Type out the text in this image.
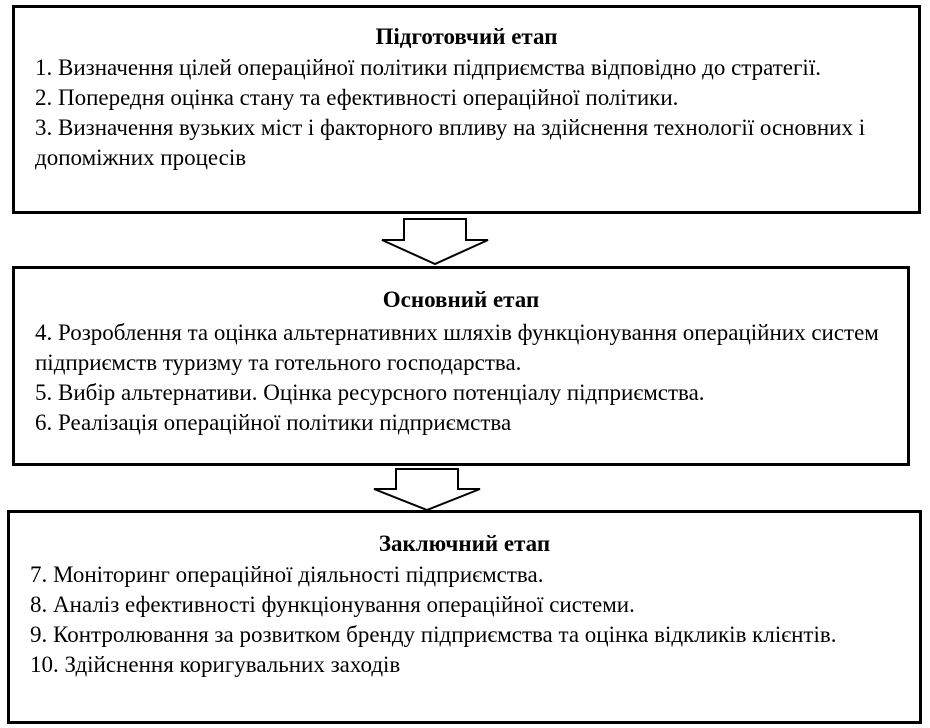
Підготовчий етап

1. Визначення цілей операційної політики підприємства відповідно до стратегії.
2. Попередня оцінка стану та ефективності операційної політики.
3. Визначення вузьких міст і факторного впливу на здійснення технології основних і допоміжних процесів

Основний етап

4. Розроблення та оцінка альтернативних шляхів функціонування операційних систем підприємств туризму та готельного господарства.
5. Вибір альтернативи. Оцінка ресурсного потенціалу підприємства.
6. Реалізація операційної політики підприємства

Заключний етап

7. Моніторинг операційної діяльності підприємства.
8. Аналіз ефективності функціонування операційної системи.
9. Контролювання за розвитком бренду підприємства та оцінка відкликів клієнтів.
10. Здійснення коригувальних заходів
